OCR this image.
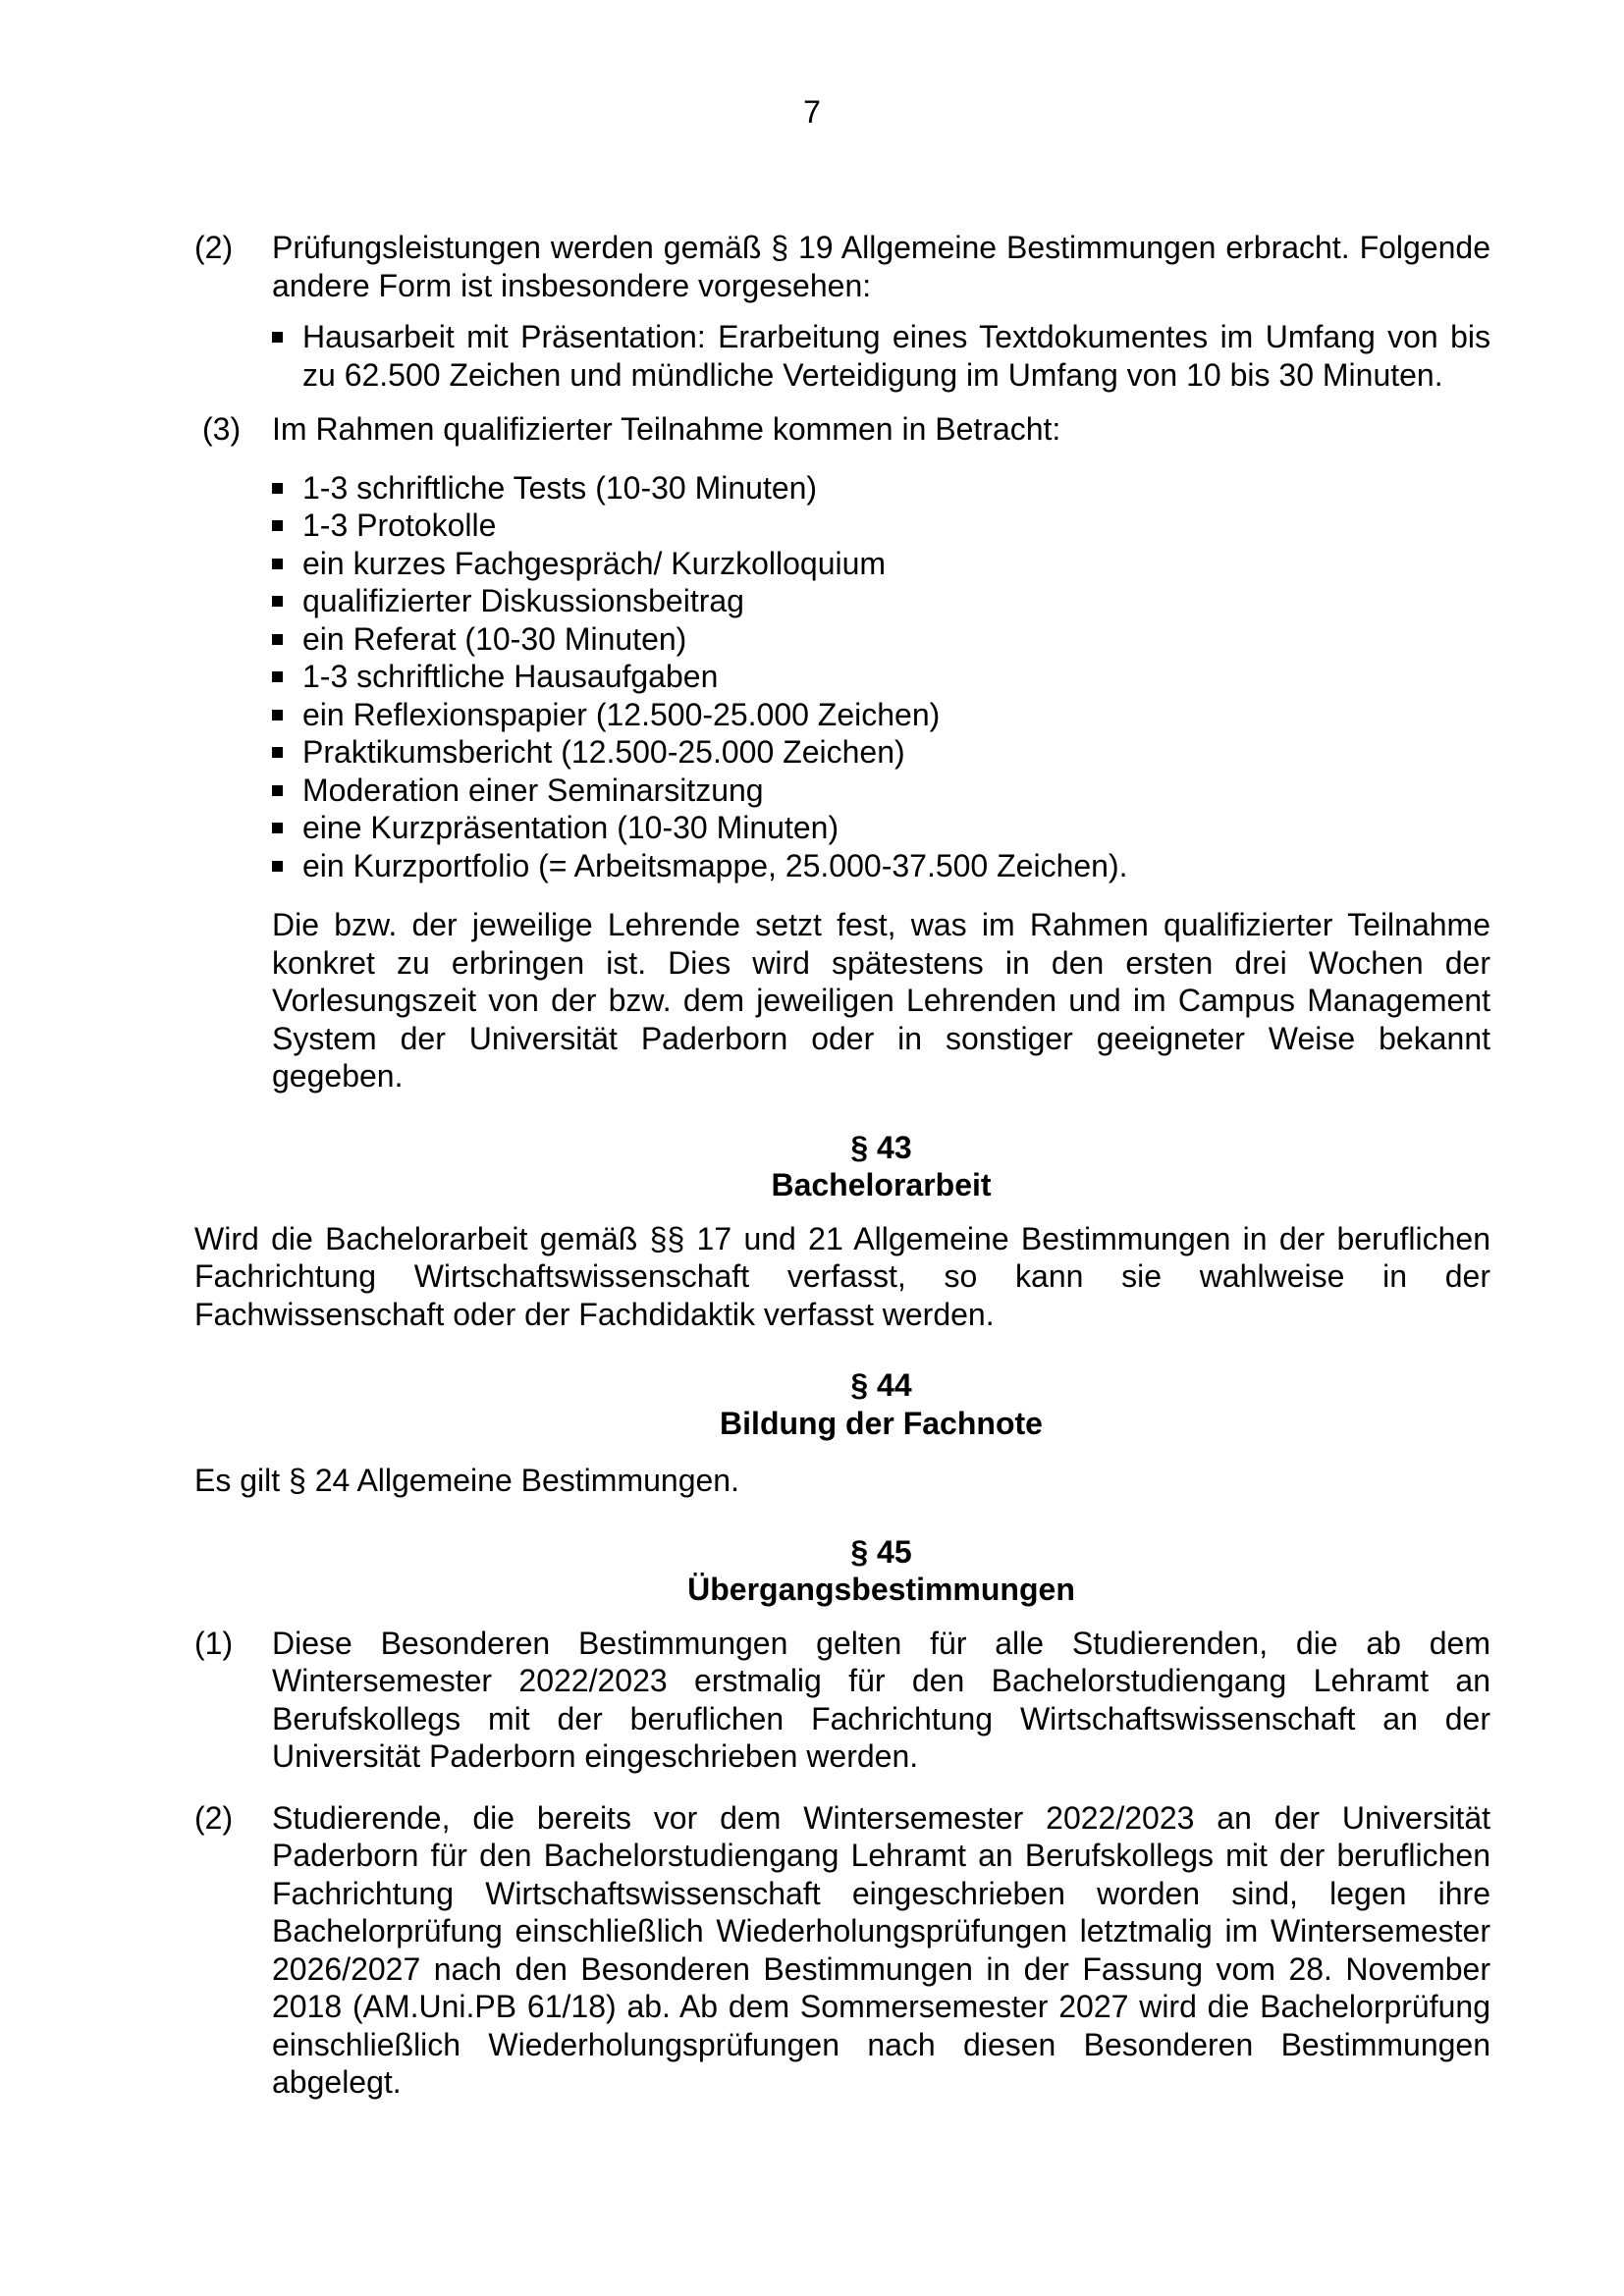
7
(2)	Prüfungsleistungen werden gemäß § 19 Allgemeine Bestimmungen erbracht. Folgende andere Form ist insbesondere vorgesehen:
Hausarbeit mit Präsentation: Erarbeitung eines Textdokumentes im Umfang von bis zu 62.500 Zeichen und mündliche Verteidigung im Umfang von 10 bis 30 Minuten.
(3) Im Rahmen qualifizierter Teilnahme kommen in Betracht:
1-3 schriftliche Tests (10-30 Minuten)
1-3 Protokolle
ein kurzes Fachgespräch/ Kurzkolloquium
qualifizierter Diskussionsbeitrag
ein Referat (10-30 Minuten)
1-3 schriftliche Hausaufgaben
ein Reflexionspapier (12.500-25.000 Zeichen)
Praktikumsbericht (12.500-25.000 Zeichen)
Moderation einer Seminarsitzung
eine Kurzpräsentation (10-30 Minuten)
ein Kurzportfolio (= Arbeitsmappe, 25.000-37.500 Zeichen).
Die bzw. der jeweilige Lehrende setzt fest, was im Rahmen qualifizierter Teilnahme konkret zu erbringen ist. Dies wird spätestens in den ersten drei Wochen der Vorlesungszeit von der bzw. dem jeweiligen Lehrenden und im Campus Management System der Universität Paderborn oder in sonstiger geeigneter Weise bekannt gegeben.
§ 43
Bachelorarbeit
Wird die Bachelorarbeit gemäß §§ 17 und 21 Allgemeine Bestimmungen in der beruflichen Fachrichtung Wirtschaftswissenschaft verfasst, so kann sie wahlweise in der Fachwissenschaft oder der Fachdidaktik verfasst werden.
§ 44
Bildung der Fachnote
Es gilt § 24 Allgemeine Bestimmungen.
§ 45
Übergangsbestimmungen
(1)	Diese Besonderen Bestimmungen gelten für alle Studierenden, die ab dem Wintersemester 2022/2023 erstmalig für den Bachelorstudiengang Lehramt an Berufskollegs mit der beruflichen Fachrichtung Wirtschaftswissenschaft an der Universität Paderborn eingeschrieben werden.
(2)	Studierende, die bereits vor dem Wintersemester 2022/2023 an der Universität Paderborn für den Bachelorstudiengang Lehramt an Berufskollegs mit der beruflichen Fachrichtung Wirtschaftswissenschaft eingeschrieben worden sind, legen ihre Bachelorprüfung einschließlich Wiederholungsprüfungen letztmalig im Wintersemester 2026/2027 nach den Besonderen Bestimmungen in der Fassung vom 28. November 2018 (AM.Uni.PB 61/18) ab. Ab dem Sommersemester 2027 wird die Bachelorprüfung einschließlich Wiederholungsprüfungen nach diesen Besonderen Bestimmungen abgelegt.
